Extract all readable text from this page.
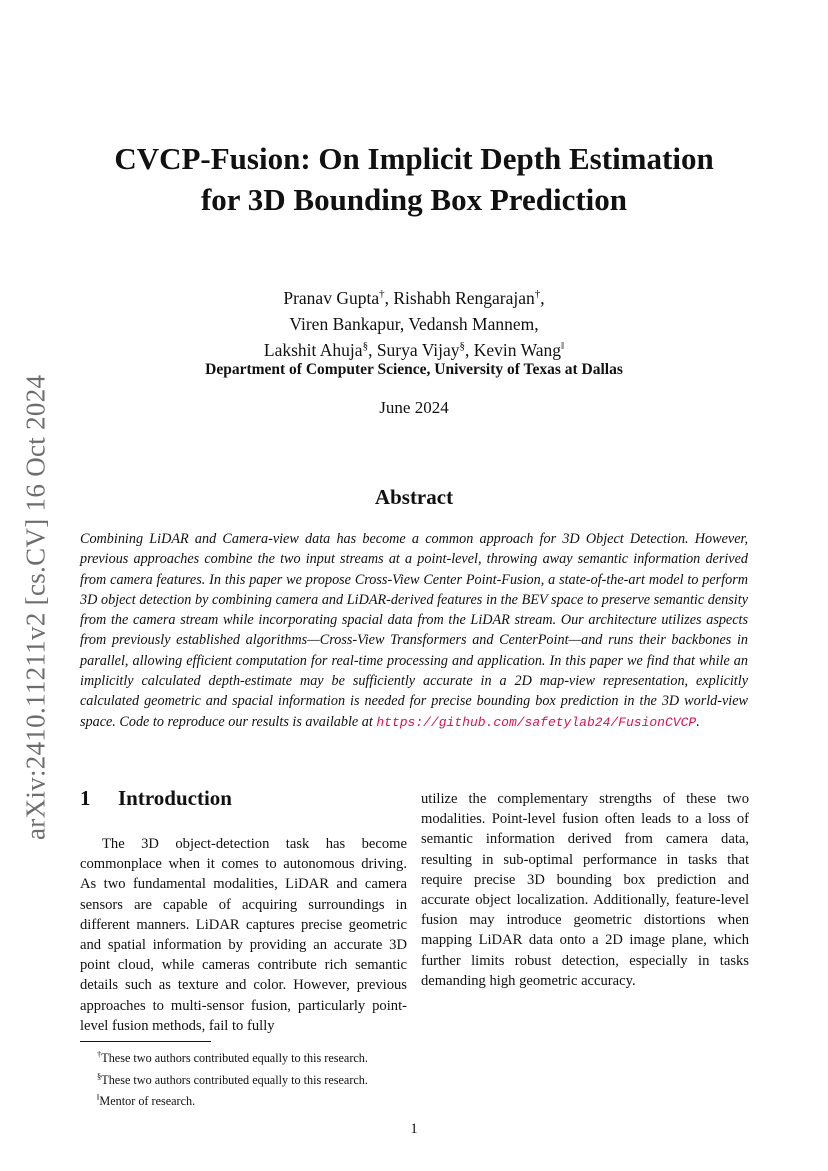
arXiv:2410.11211v2 [cs.CV] 16 Oct 2024
CVCP-Fusion: On Implicit Depth Estimation for 3D Bounding Box Prediction
Pranav Gupta†, Rishabh Rengarajan†,
Viren Bankapur, Vedansh Mannem,
Lakshit Ahuja§, Surya Vijay§, Kevin Wang‖
Department of Computer Science, University of Texas at Dallas
June 2024
Abstract
Combining LiDAR and Camera-view data has become a common approach for 3D Object Detection. However, previous approaches combine the two input streams at a point-level, throwing away semantic information derived from camera features. In this paper we propose Cross-View Center Point-Fusion, a state-of-the-art model to perform 3D object detection by combining camera and LiDAR-derived features in the BEV space to preserve semantic density from the camera stream while incorporating spacial data from the LiDAR stream. Our architecture utilizes aspects from previously established algorithms—Cross-View Transformers and CenterPoint—and runs their backbones in parallel, allowing efficient computation for real-time processing and application. In this paper we find that while an implicitly calculated depth-estimate may be sufficiently accurate in a 2D map-view representation, explicitly calculated geometric and spacial information is needed for precise bounding box prediction in the 3D world-view space. Code to reproduce our results is available at https://github.com/safetylab24/FusionCVCP.
1 Introduction
The 3D object-detection task has become commonplace when it comes to autonomous driving. As two fundamental modalities, LiDAR and camera sensors are capable of acquiring surroundings in different manners. LiDAR captures precise geometric and spatial information by providing an accurate 3D point cloud, while cameras contribute rich semantic details such as texture and color. However, previous approaches to multi-sensor fusion, particularly point-level fusion methods, fail to fully
utilize the complementary strengths of these two modalities. Point-level fusion often leads to a loss of semantic information derived from camera data, resulting in sub-optimal performance in tasks that require precise 3D bounding box prediction and accurate object localization. Additionally, feature-level fusion may introduce geometric distortions when mapping LiDAR data onto a 2D image plane, which further limits robust detection, especially in tasks demanding high geometric accuracy.
†These two authors contributed equally to this research.
§These two authors contributed equally to this research.
‖Mentor of research.
1
